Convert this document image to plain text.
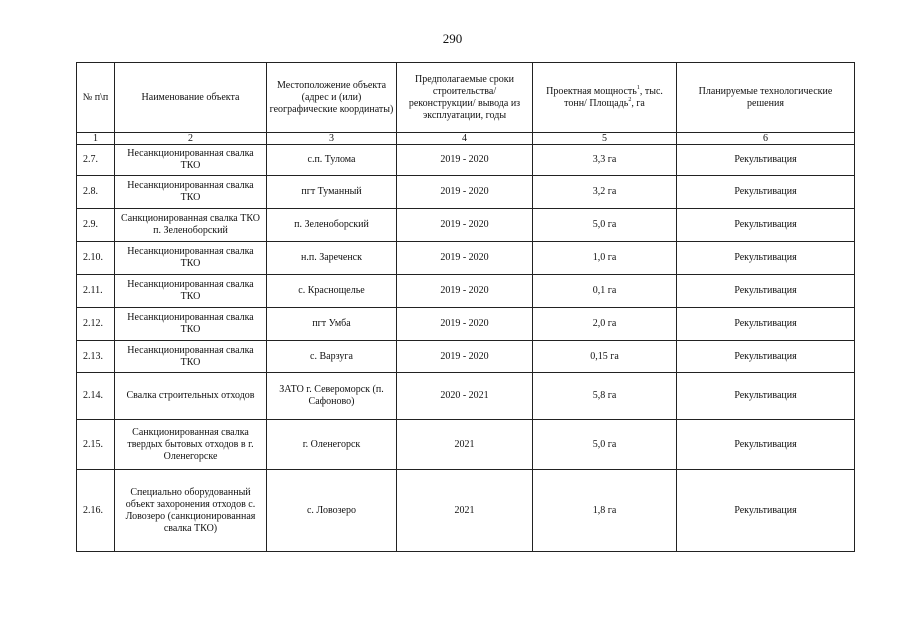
290
№ п\п	Наименование объекта	Местоположение объекта (адрес и (или) географические координаты)	Предполагаемые сроки строительства/ реконструкции/ вывода из эксплуатации, годы	Проектная мощность$^1$, тыс. тонн/ Площадь$^2$, га	Планируемые технологические решения
1	2	3	4	5	6
2.7.	Несанкционированная свалка ТКО	с.п. Тулома	2019 - 2020	3,3 га	Рекультивация
2.8.	Несанкционированная свалка ТКО	пгт Туманный	2019 - 2020	3,2 га	Рекультивация
2.9.	Санкционированная свалка ТКО п. Зеленоборский	п. Зеленоборский	2019 - 2020	5,0 га	Рекультивация
2.10.	Несанкционированная свалка ТКО	н.п. Зареченск	2019 - 2020	1,0 га	Рекультивация
2.11.	Несанкционированная свалка ТКО	с. Краснощелье	2019 - 2020	0,1 га	Рекультивация
2.12.	Несанкционированная свалка ТКО	пгт Умба	2019 - 2020	2,0 га	Рекультивация
2.13.	Несанкционированная свалка ТКО	с. Варзуга	2019 - 2020	0,15 га	Рекультивация
2.14.	Свалка строительных отходов	ЗАТО г. Североморск (п. Сафоново)	2020 - 2021	5,8 га	Рекультивация
2.15.	Санкционированная свалка твердых бытовых отходов в г. Оленегорске	г. Оленегорск	2021	5,0 га	Рекультивация
2.16.	Специально оборудованный объект захоронения отходов с. Ловозеро (санкционированная свалка ТКО)	с. Ловозеро	2021	1,8 га	Рекультивация
